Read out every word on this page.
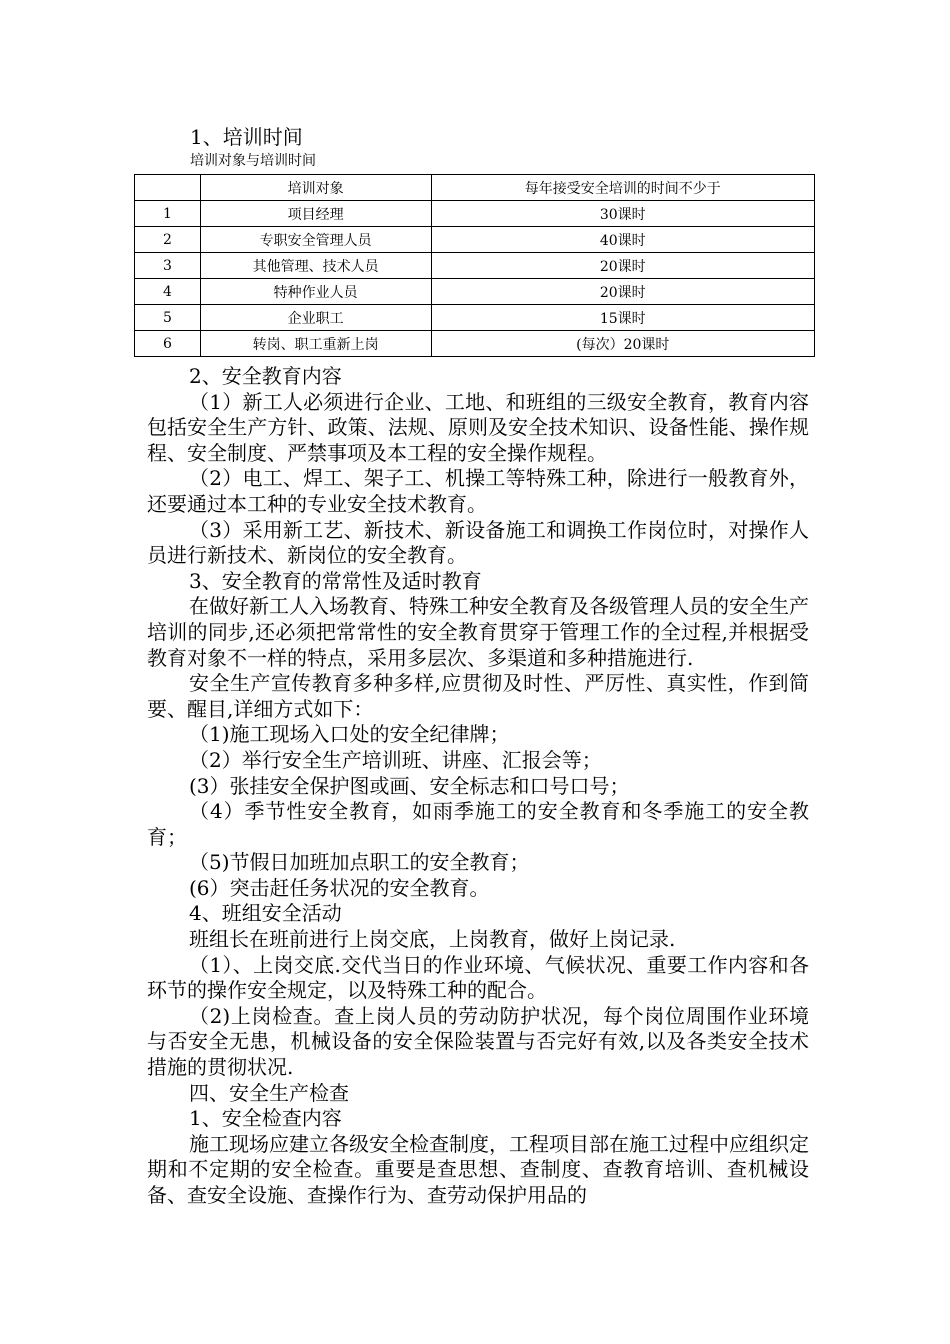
1、培训时间
培训对象与培训时间
	培训对象	每年接受安全培训的时间不少于
1	项目经理	30课时
2	专职安全管理人员	40课时
3	其他管理、技术人员	20课时
4	特种作业人员	20课时
5	企业职工	15课时
6	转岗、职工重新上岗	(每次）20课时

2、安全教育内容

（1）新工人必须进行企业、工地、和班组的三级安全教育，教育内容包括安全生产方针、政策、法规、原则及安全技术知识、设备性能、操作规程、安全制度、严禁事项及本工程的安全操作规程。

（2）电工、焊工、架子工、机操工等特殊工种，除进行一般教育外，还要通过本工种的专业安全技术教育。

（3）采用新工艺、新技术、新设备施工和调换工作岗位时，对操作人员进行新技术、新岗位的安全教育。

3、安全教育的常常性及适时教育

在做好新工人入场教育、特殊工种安全教育及各级管理人员的安全生产培训的同步,还必须把常常性的安全教育贯穿于管理工作的全过程,并根据受教育对象不一样的特点，采用多层次、多渠道和多种措施进行.

安全生产宣传教育多种多样,应贯彻及时性、严厉性、真实性，作到简要、醒目,详细方式如下：

（1)施工现场入口处的安全纪律牌；

（2）举行安全生产培训班、讲座、汇报会等；

(3）张挂安全保护图或画、安全标志和口号口号；

（4）季节性安全教育，如雨季施工的安全教育和冬季施工的安全教育；

（5)节假日加班加点职工的安全教育；

(6）突击赶任务状况的安全教育。

4、班组安全活动

班组长在班前进行上岗交底，上岗教育，做好上岗记录.

（1）、上岗交底.交代当日的作业环境、气候状况、重要工作内容和各环节的操作安全规定，以及特殊工种的配合。

（2)上岗检查。查上岗人员的劳动防护状况，每个岗位周围作业环境与否安全无患，机械设备的安全保险装置与否完好有效,以及各类安全技术措施的贯彻状况.

四、安全生产检查

1、安全检查内容

施工现场应建立各级安全检查制度，工程项目部在施工过程中应组织定期和不定期的安全检查。重要是查思想、查制度、查教育培训、查机械设备、查安全设施、查操作行为、查劳动保护用品的
